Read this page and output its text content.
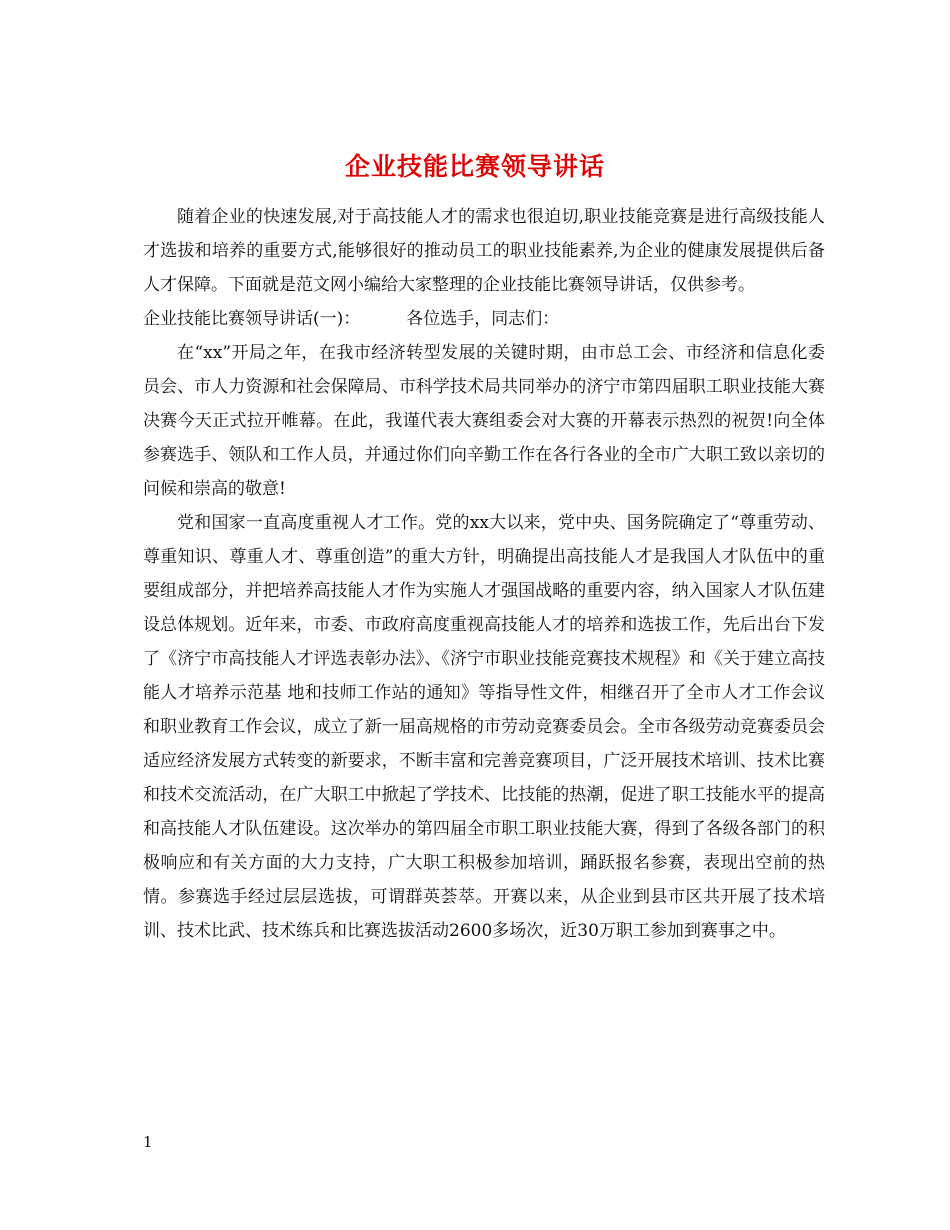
企业技能比赛领导讲话

随着企业的快速发展,对于高技能人才的需求也很迫切,职业技能竞赛是进行高级技能人才选拔和培养的重要方式,能够很好的推动员工的职业技能素养,为企业的健康发展提供后备人才保障。下面就是范文网小编给大家整理的企业技能比赛领导讲话，仅供参考。

企业技能比赛领导讲话(一)：	各位选手，同志们：

在“xx”开局之年，在我市经济转型发展的关键时期，由市总工会、市经济和信息化委员会、市人力资源和社会保障局、市科学技术局共同举办的济宁市第四届职工职业技能大赛决赛今天正式拉开帷幕。在此，我谨代表大赛组委会对大赛的开幕表示热烈的祝贺!向全体参赛选手、领队和工作人员，并通过你们向辛勤工作在各行各业的全市广大职工致以亲切的问候和崇高的敬意!

党和国家一直高度重视人才工作。党的xx大以来，党中央、国务院确定了“尊重劳动、尊重知识、尊重人才、尊重创造”的重大方针，明确提出高技能人才是我国人才队伍中的重要组成部分，并把培养高技能人才作为实施人才强国战略的重要内容，纳入国家人才队伍建设总体规划。近年来，市委、市政府高度重视高技能人才的培养和选拔工作，先后出台下发了《济宁市高技能人才评选表彰办法》、《济宁市职业技能竞赛技术规程》和《关于建立高技能人才培养示范基 地和技师工作站的通知》等指导性文件，相继召开了全市人才工作会议和职业教育工作会议，成立了新一届高规格的市劳动竞赛委员会。全市各级劳动竞赛委员会适应经济发展方式转变的新要求，不断丰富和完善竞赛项目，广泛开展技术培训、技术比赛和技术交流活动，在广大职工中掀起了学技术、比技能的热潮，促进了职工技能水平的提高和高技能人才队伍建设。这次举办的第四届全市职工职业技能大赛，得到了各级各部门的积极响应和有关方面的大力支持，广大职工积极参加培训，踊跃报名参赛，表现出空前的热情。参赛选手经过层层选拔，可谓群英荟萃。开赛以来，从企业到县市区共开展了技术培训、技术比武、技术练兵和比赛选拔活动2600多场次，近30万职工参加到赛事之中。

1
